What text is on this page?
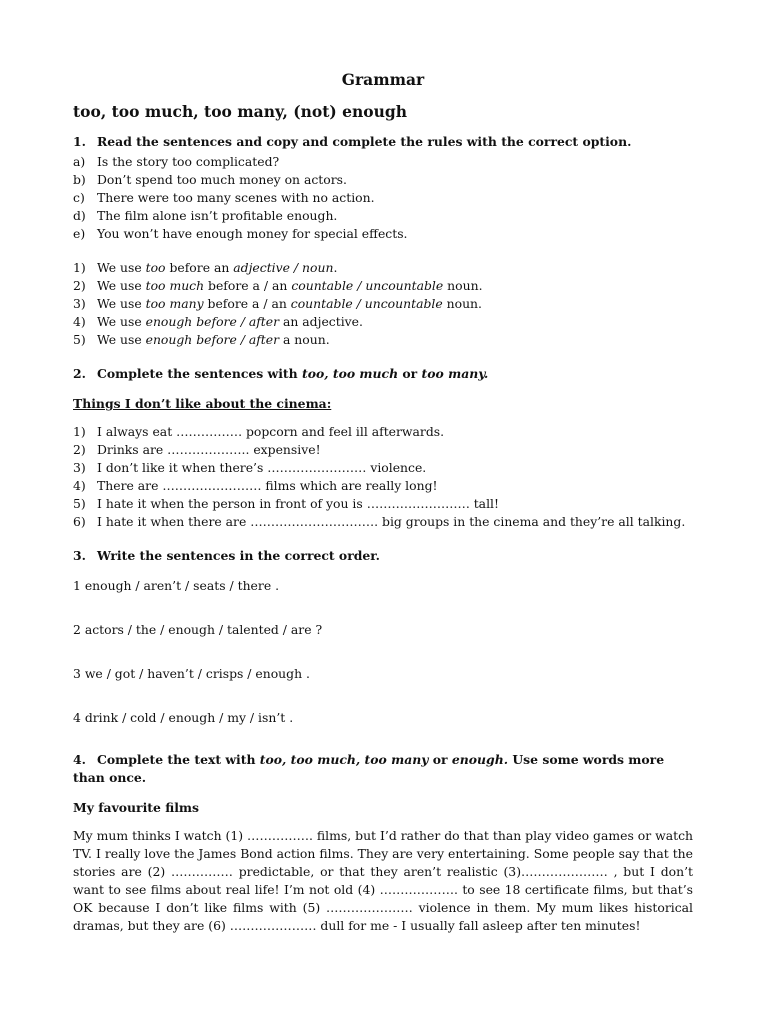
Grammar
too, too much, too many, (not) enough
1. Read the sentences and copy and complete the rules with the correct option.
a) Is the story too complicated?
b) Don’t spend too much money on actors.
c) There were too many scenes with no action.
d) The film alone isn’t profitable enough.
e) You won’t have enough money for special effects.
1) We use too before an adjective / noun.
2) We use too much before a / an countable / uncountable noun.
3) We use too many before a / an countable / uncountable noun.
4) We use enough before / after an adjective.
5) We use enough before / after a noun.
2. Complete the sentences with too, too much or too many.
Things I don’t like about the cinema:
1) I always eat ……………. popcorn and feel ill afterwards.
2) Drinks are ……………….. expensive!
3) I don’t like it when there’s …………………… violence.
4) There are …………………… films which are really long!
5) I hate it when the person in front of you is ……………………. tall!
6) I hate it when there are …………………………. big groups in the cinema and they’re all talking.
3. Write the sentences in the correct order.
1 enough / aren’t / seats / there .
2 actors / the / enough / talented / are ?
3 we / got / haven’t / crisps / enough .
4 drink / cold / enough / my / isn’t .
4. Complete the text with too, too much, too many or enough. Use some words more than once.
My favourite films
My mum thinks I watch (1) ……………. films, but I’d rather do that than play video games or watch TV. I really love the James Bond action films. They are very entertaining. Some people say that the stories are (2) …………… predictable, or that they aren’t realistic (3)………………… , but I don’t want to see films about real life! I’m not old (4) ………………. to see 18 certificate films, but that’s OK because I don’t like films with (5) ………………… violence in them. My mum likes historical dramas, but they are (6) ………………… dull for me - I usually fall asleep after ten minutes!
